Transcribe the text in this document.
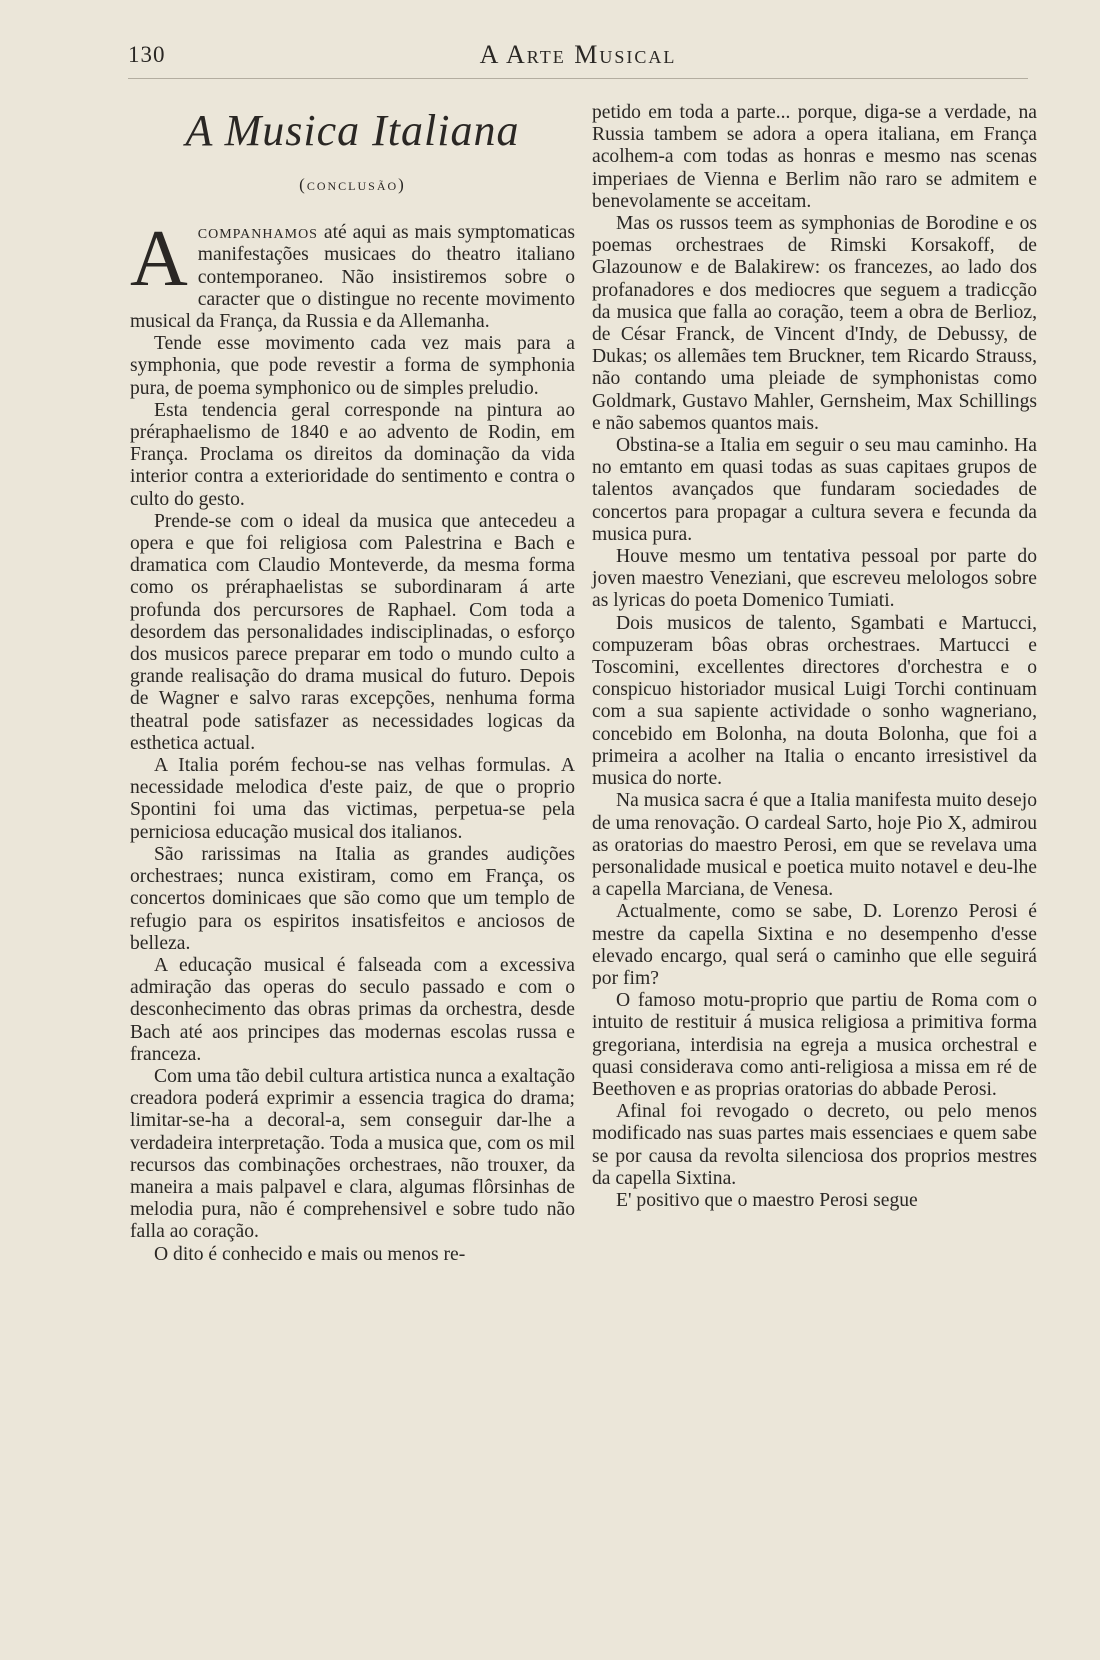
130	A Arte Musical
A Musica Italiana
(conclusão)

Acompanhamos até aqui as mais symptomaticas manifestações musicaes do theatro italiano contemporaneo. Não insistiremos sobre o caracter que o distingue no recente movimento musical da França, da Russia e da Allemanha.

Tende esse movimento cada vez mais para a symphonia, que pode revestir a forma de symphonia pura, de poema symphonico ou de simples preludio.

Esta tendencia geral corresponde na pintura ao préraphaelismo de 1840 e ao advento de Rodin, em França. Proclama os direitos da dominação da vida interior contra a exterioridade do sentimento e contra o culto do gesto.

Prende-se com o ideal da musica que antecedeu a opera e que foi religiosa com Palestrina e Bach e dramatica com Claudio Monteverde, da mesma forma como os préraphaelistas se subordinaram á arte profunda dos percursores de Raphael. Com toda a desordem das personalidades indisciplinadas, o esforço dos musicos parece preparar em todo o mundo culto a grande realisação do drama musical do futuro. Depois de Wagner e salvo raras excepções, nenhuma forma theatral pode satisfazer as necessidades logicas da esthetica actual.

A Italia porém fechou-se nas velhas formulas. A necessidade melodica d'este paiz, de que o proprio Spontini foi uma das victimas, perpetua-se pela perniciosa educação musical dos italianos.

São rarissimas na Italia as grandes audições orchestraes; nunca existiram, como em França, os concertos dominicaes que são como que um templo de refugio para os espiritos insatisfeitos e anciosos de belleza.

A educação musical é falseada com a excessiva admiração das operas do seculo passado e com o desconhecimento das obras primas da orchestra, desde Bach até aos principes das modernas escolas russa e franceza.

Com uma tão debil cultura artistica nunca a exaltação creadora poderá exprimir a essencia tragica do drama; limitar-se-ha a decoral-a, sem conseguir dar-lhe a verdadeira interpretação. Toda a musica que, com os mil recursos das combinações orchestraes, não trouxer, da maneira a mais palpavel e clara, algumas flôrsinhas de melodia pura, não é comprehensivel e sobre tudo não falla ao coração.

O dito é conhecido e mais ou menos re-

petido em toda a parte... porque, diga-se a verdade, na Russia tambem se adora a opera italiana, em França acolhem-a com todas as honras e mesmo nas scenas imperiaes de Vienna e Berlim não raro se admitem e benevolamente se acceitam.

Mas os russos teem as symphonias de Borodine e os poemas orchestraes de Rimski Korsakoff, de Glazounow e de Balakirew: os francezes, ao lado dos profanadores e dos mediocres que seguem a tradicção da musica que falla ao coração, teem a obra de Berlioz, de César Franck, de Vincent d'Indy, de Debussy, de Dukas; os allemães tem Bruckner, tem Ricardo Strauss, não contando uma pleiade de symphonistas como Goldmark, Gustavo Mahler, Gernsheim, Max Schillings e não sabemos quantos mais.

Obstina-se a Italia em seguir o seu mau caminho. Ha no emtanto em quasi todas as suas capitaes grupos de talentos avançados que fundaram sociedades de concertos para propagar a cultura severa e fecunda da musica pura.

Houve mesmo um tentativa pessoal por parte do joven maestro Veneziani, que escreveu melologos sobre as lyricas do poeta Domenico Tumiati.

Dois musicos de talento, Sgambati e Martucci, compuzeram bôas obras orchestraes. Martucci e Toscomini, excellentes directores d'orchestra e o conspicuo historiador musical Luigi Torchi continuam com a sua sapiente actividade o sonho wagneriano, concebido em Bolonha, na douta Bolonha, que foi a primeira a acolher na Italia o encanto irresistivel da musica do norte.

Na musica sacra é que a Italia manifesta muito desejo de uma renovação. O cardeal Sarto, hoje Pio X, admirou as oratorias do maestro Perosi, em que se revelava uma personalidade musical e poetica muito notavel e deu-lhe a capella Marciana, de Venesa.

Actualmente, como se sabe, D. Lorenzo Perosi é mestre da capella Sixtina e no desempenho d'esse elevado encargo, qual será o caminho que elle seguirá por fim?

O famoso motu-proprio que partiu de Roma com o intuito de restituir á musica religiosa a primitiva forma gregoriana, interdisia na egreja a musica orchestral e quasi considerava como anti-religiosa a missa em ré de Beethoven e as proprias oratorias do abbade Perosi.

Afinal foi revogado o decreto, ou pelo menos modificado nas suas partes mais essenciaes e quem sabe se por causa da revolta silenciosa dos proprios mestres da capella Sixtina.

E' positivo que o maestro Perosi segue
